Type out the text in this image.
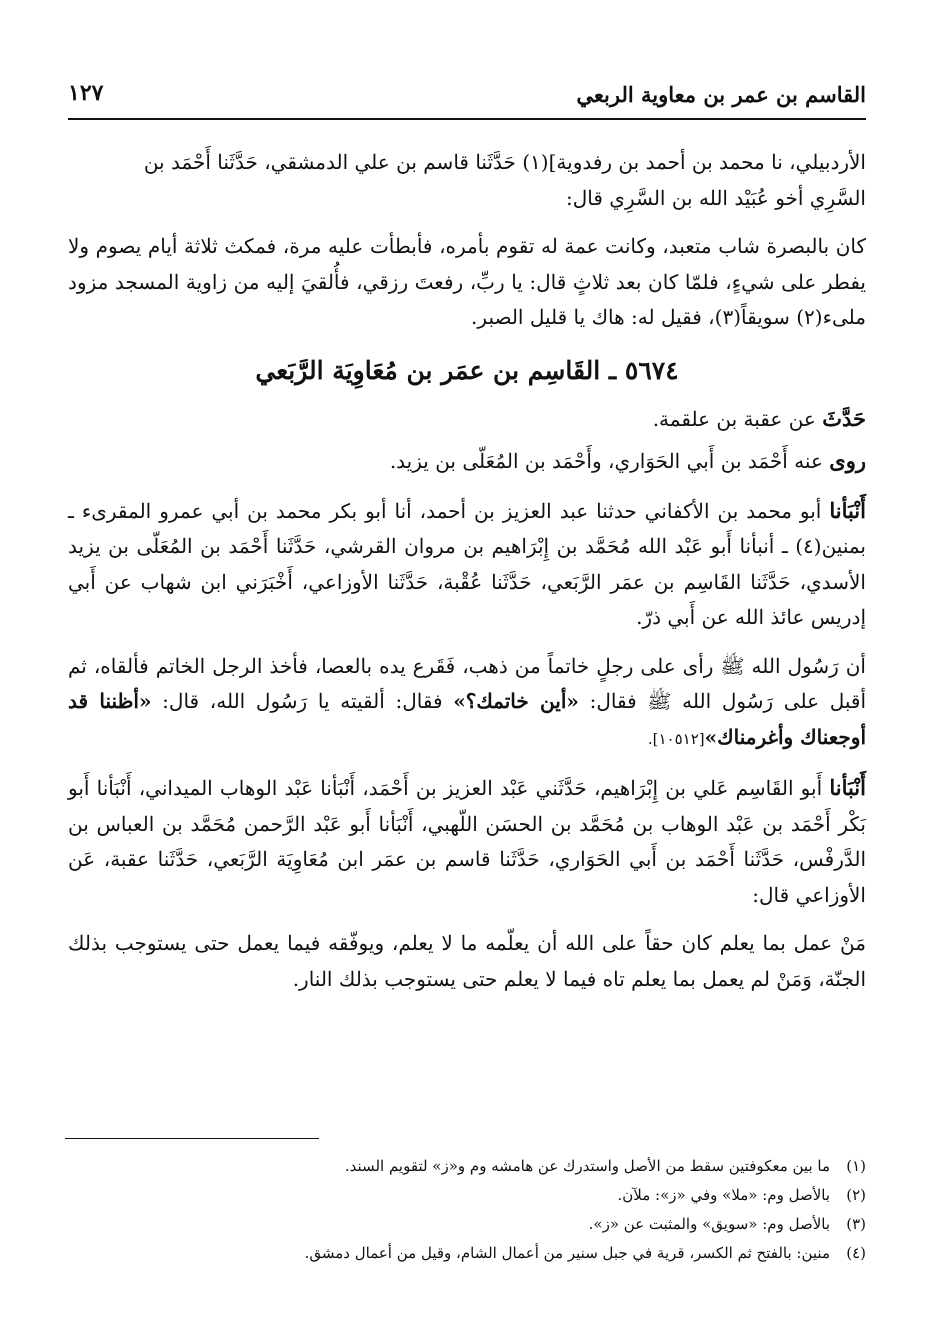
القاسم بن عمر بن معاوية الربعي
١٢٧

الأردبيلي، نا محمد بن أحمد بن رفدوية](١) حَدَّثَنا قاسم بن علي الدمشقي، حَدَّثَنا أَحْمَد بن
السَّرِي أخو عُبَيْد الله بن السَّرِي قال:

كان بالبصرة شاب متعبد، وكانت عمة له تقوم بأمره، فأبطأت عليه مرة، فمكث ثلاثة أيام يصوم ولا يفطر على شيءٍ، فلمّا كان بعد ثلاثٍ قال: يا ربِّ، رفعتَ رزقي، فأُلقيَ إليه من زاوية المسجد مزود ملىء(٢) سويقاً(٣)، فقيل له: هاك يا قليل الصبر.

٥٦٧٤ ـ القَاسِم بن عمَر بن مُعَاوِيَة الرَّبَعي

حَدَّثَ عن عقبة بن علقمة.

روى عنه أَحْمَد بن أَبي الحَوَاري، وأَحْمَد بن المُعَلّى بن يزيد.

أَنْبَأنا أبو محمد بن الأكفاني حدثنا عبد العزيز بن أحمد، أنا أبو بكر محمد بن أبي عمرو المقرىء ـ بمنين(٤) ـ أنبأنا أَبو عَبْد الله مُحَمَّد بن إِبْرَاهيم بن مروان القرشي، حَدَّثَنا أَحْمَد بن المُعَلّى بن يزيد الأسدي، حَدَّثَنا القَاسِم بن عمَر الرَّبَعي، حَدَّثَنا عُقْبة، حَدَّثَنا الأوزاعي، أَخْبَرَني ابن شهاب عن أَبي إدريس عائذ الله عن أَبي ذرّ.

أن رَسُول الله ﷺ رأى على رجلٍ خاتماً من ذهب، فَقَرع يده بالعصا، فأخذ الرجل الخاتم فألقاه، ثم أقبل على رَسُول الله ﷺ فقال: «أين خاتمك؟» فقال: ألقيته يا رَسُول الله، قال: «أظننا قد أوجعناك وأغرمناك»[١٠٥١٢].

أَنْبَأنا أَبو القَاسِم عَلي بن إِبْرَاهيم، حَدَّثَني عَبْد العزيز بن أَحْمَد، أَنْبَأنا عَبْد الوهاب الميداني، أَنْبَأنا أَبو بَكْر أَحْمَد بن عَبْد الوهاب بن مُحَمَّد بن الحسَن اللّهبي، أَنْبَأنا أَبو عَبْد الرَّحمن مُحَمَّد بن العباس بن الدَّرفْس، حَدَّثَنا أَحْمَد بن أَبي الحَوَاري، حَدَّثَنا قاسم بن عمَر ابن مُعَاوِيَة الرَّبَعي، حَدَّثَنا عقبة، عَن الأوزاعي قال:

مَنْ عمل بما يعلم كان حقاً على الله أن يعلّمه ما لا يعلم، ويوفّقه فيما يعمل حتى يستوجب بذلك الجنّة، وَمَنْ لم يعمل بما يعلم تاه فيما لا يعلم حتى يستوجب بذلك النار.

(١)ما بين معكوفتين سقط من الأصل واستدرك عن هامشه وم و«ز» لتقويم السند.
(٢)بالأصل وم: «ملا» وفي «ز»: ملآن.
(٣)بالأصل وم: «سويق» والمثبت عن «ز».
(٤)منين: بالفتح ثم الكسر، قرية في جبل سنير من أعمال الشام، وقيل من أعمال دمشق.
